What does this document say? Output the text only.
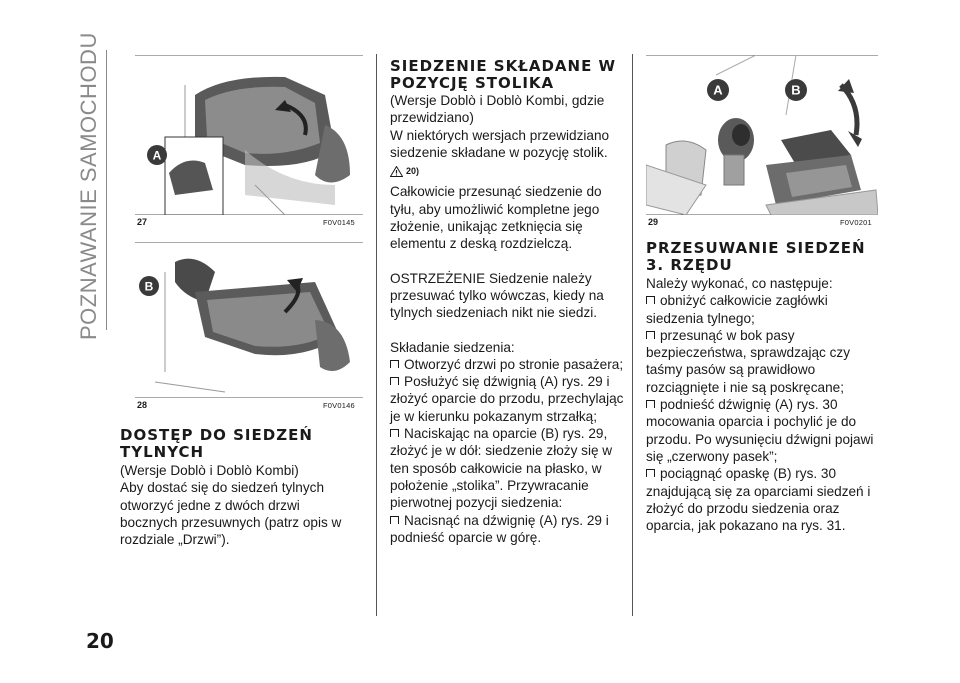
POZNAWANIE SAMOCHODU
20
A
27	F0V0145
B
28	F0V0146
DOSTĘP DO SIEDZEŃ TYLNYCH

(Wersje Doblò i Doblò Kombi)

Aby dostać się do siedzeń tylnych otworzyć jedne z dwóch drzwi bocznych przesuwnych (patrz opis w rozdziale „Drzwi”).

SIEDZENIE SKŁADANE W POZYCJĘ STOLIKA

(Wersje Doblò i Doblò Kombi, gdzie przewidziano)

W niektórych wersjach przewidziano siedzenie składane w pozycję stolik.

20)

Całkowicie przesunąć siedzenie do tyłu, aby umożliwić kompletne jego złożenie, unikając zetknięcia się elementu z deską rozdzielczą.

OSTRZEŻENIE Siedzenie należy przesuwać tylko wówczas, kiedy na tylnych siedzeniach nikt nie siedzi.

Składanie siedzenia:

Otworzyć drzwi po stronie pasażera;

Posłużyć się dźwignią (A) rys. 29 i złożyć oparcie do przodu, przechylając je w kierunku pokazanym strzałką;

Naciskając na oparcie (B) rys. 29, złożyć je w dół: siedzenie złoży się w ten sposób całkowicie na płasko, w położenie „stolika”. Przywracanie pierwotnej pozycji siedzenia:

Nacisnąć na dźwignię (A) rys. 29 i podnieść oparcie w górę.

A	B
29	F0V0201
PRZESUWANIE SIEDZEŃ 3. RZĘDU

Należy wykonać, co następuje:

obniżyć całkowicie zagłówki siedzenia tylnego;

przesunąć w bok pasy bezpieczeństwa, sprawdzając czy taśmy pasów są prawidłowo rozciągnięte i nie są poskręcane;

podnieść dźwignię (A) rys. 30 mocowania oparcia i pochylić je do przodu. Po wysunięciu dźwigni pojawi się „czerwony pasek”;

pociągnąć opaskę (B) rys. 30 znajdującą się za oparciami siedzeń i złożyć do przodu siedzenia oraz oparcia, jak pokazano na rys. 31.
